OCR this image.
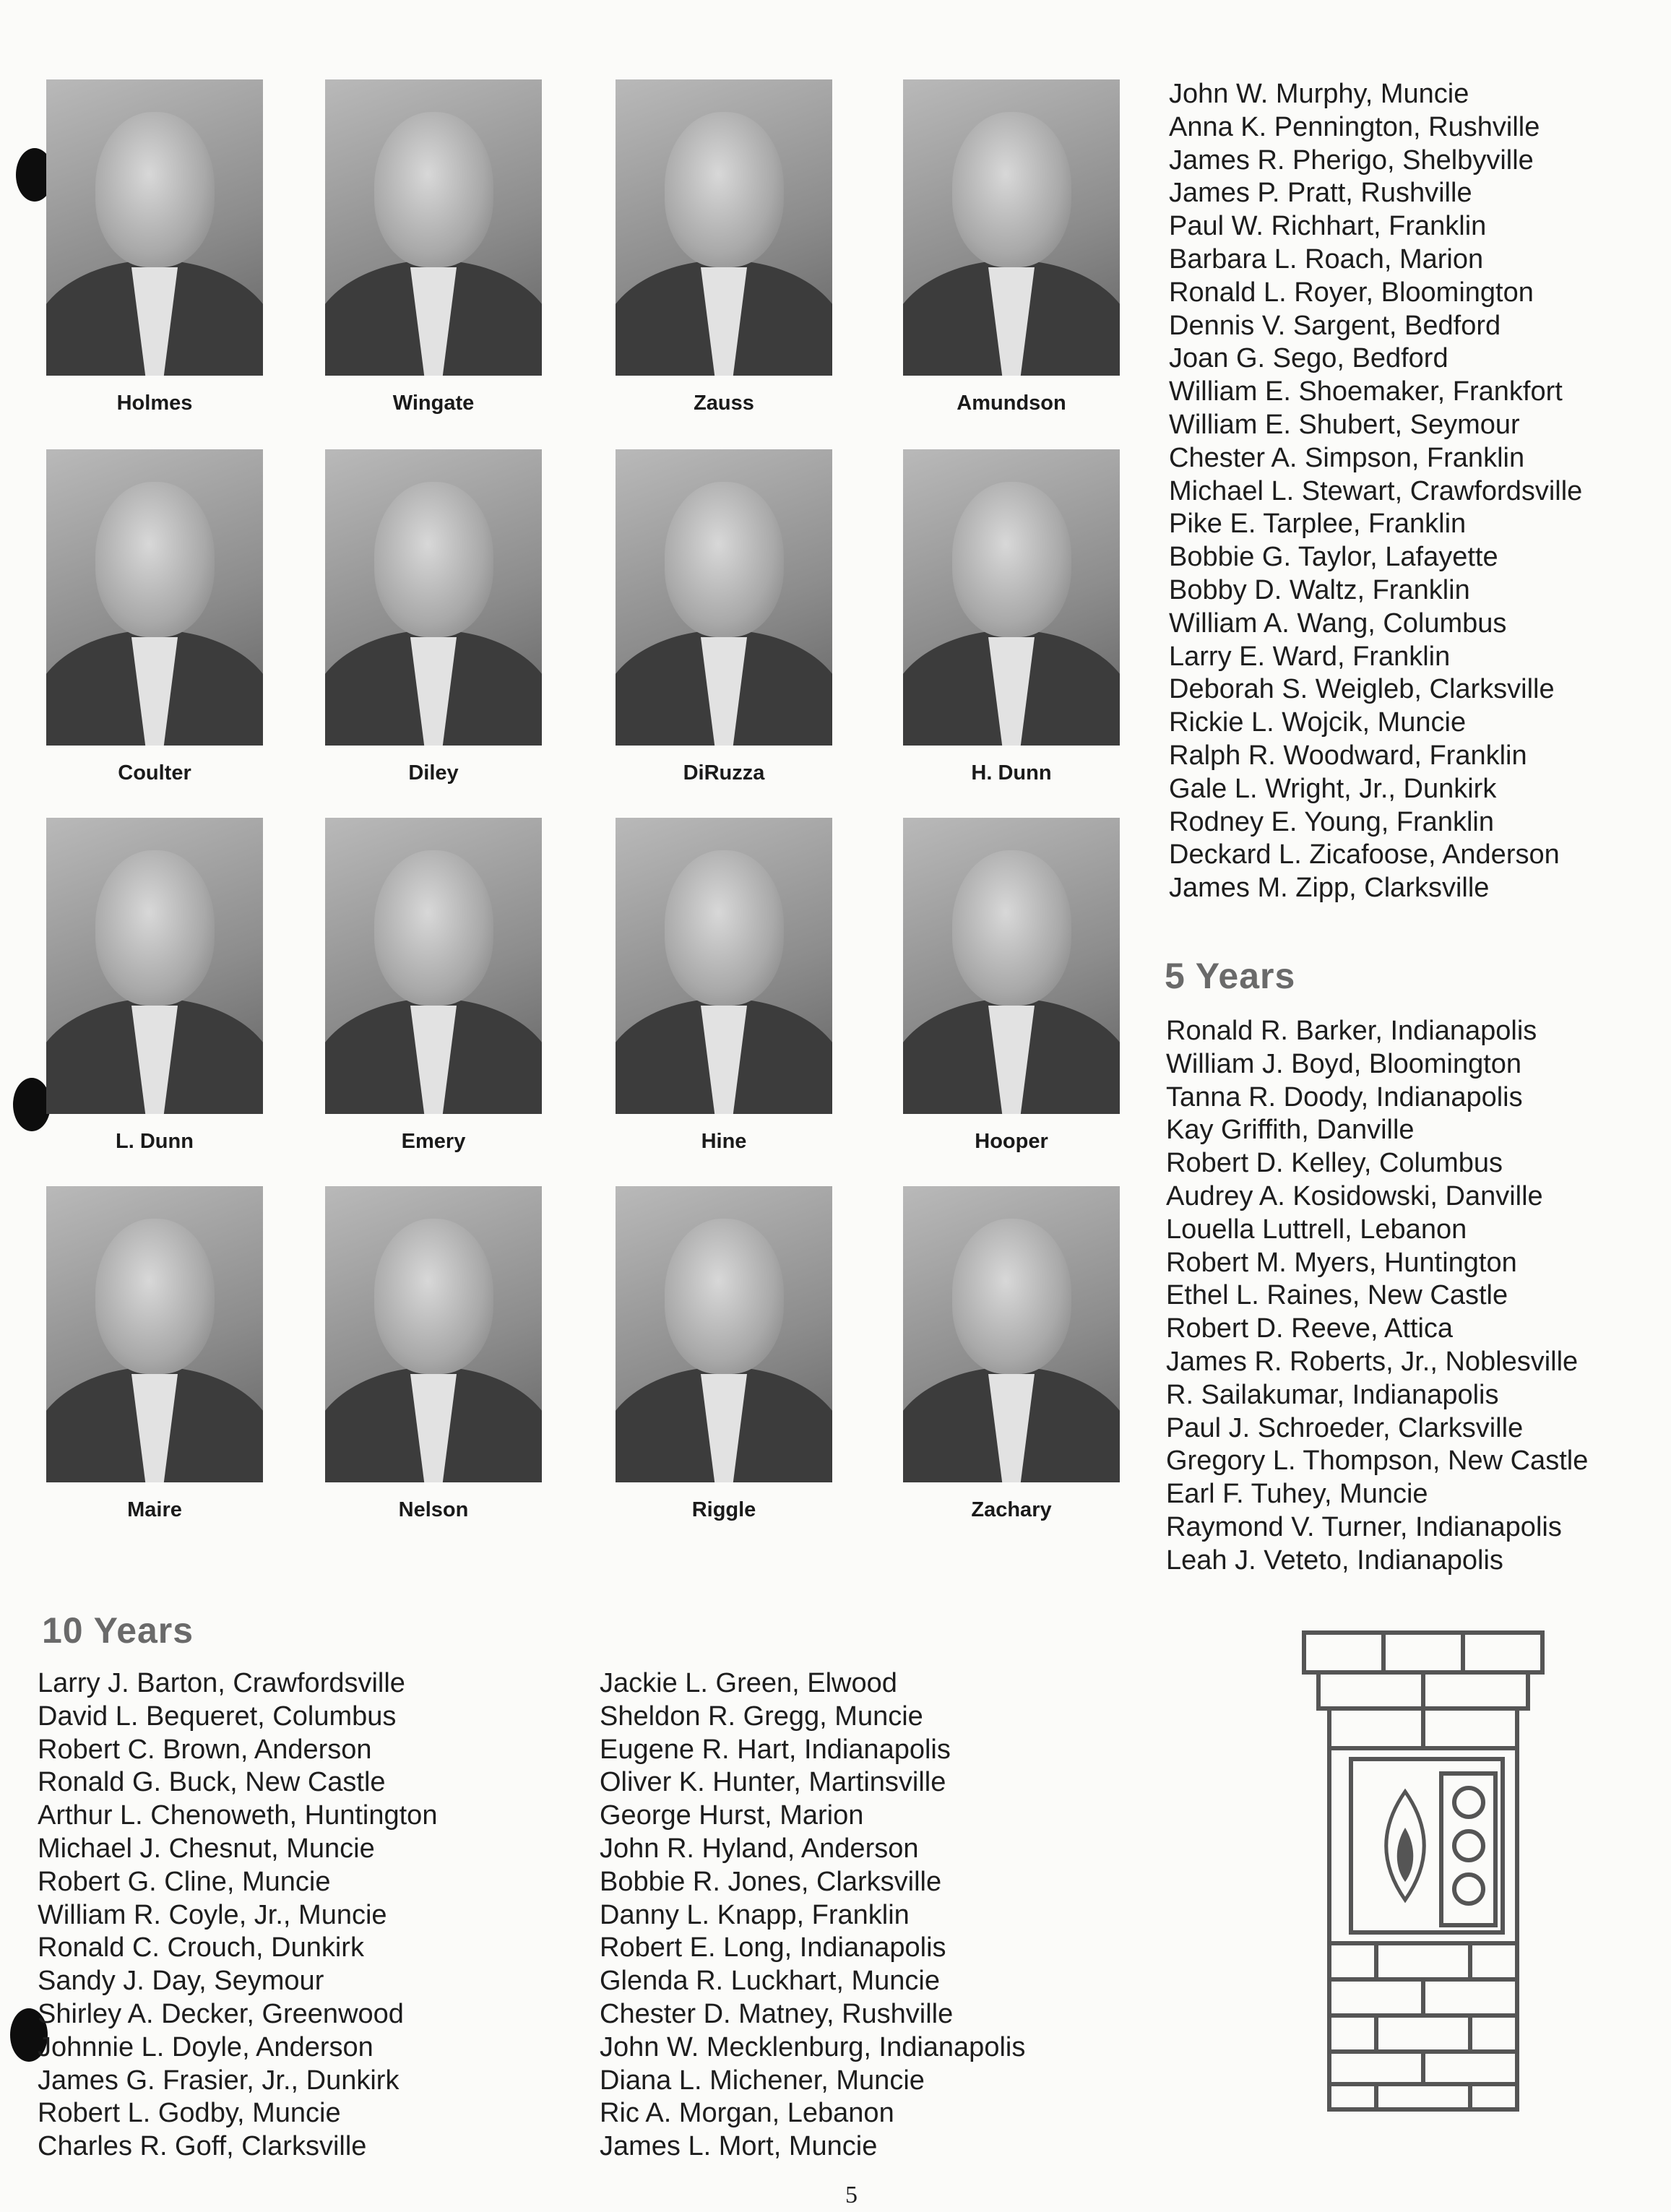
Holmes	Wingate	Zauss	Amundson
Coulter	Diley	DiRuzza	H. Dunn
L. Dunn	Emery	Hine	Hooper
Maire	Nelson	Riggle	Zachary
John W. Murphy, Muncie
Anna K. Pennington, Rushville
James R. Pherigo, Shelbyville
James P. Pratt, Rushville
Paul W. Richhart, Franklin
Barbara L. Roach, Marion
Ronald L. Royer, Bloomington
Dennis V. Sargent, Bedford
Joan G. Sego, Bedford
William E. Shoemaker, Frankfort
William E. Shubert, Seymour
Chester A. Simpson, Franklin
Michael L. Stewart, Crawfordsville
Pike E. Tarplee, Franklin
Bobbie G. Taylor, Lafayette
Bobby D. Waltz, Franklin
William A. Wang, Columbus
Larry E. Ward, Franklin
Deborah S. Weigleb, Clarksville
Rickie L. Wojcik, Muncie
Ralph R. Woodward, Franklin
Gale L. Wright, Jr., Dunkirk
Rodney E. Young, Franklin
Deckard L. Zicafoose, Anderson
James M. Zipp, Clarksville
5 Years
Ronald R. Barker, Indianapolis
William J. Boyd, Bloomington
Tanna R. Doody, Indianapolis
Kay Griffith, Danville
Robert D. Kelley, Columbus
Audrey A. Kosidowski, Danville
Louella Luttrell, Lebanon
Robert M. Myers, Huntington
Ethel L. Raines, New Castle
Robert D. Reeve, Attica
James R. Roberts, Jr., Noblesville
R. Sailakumar, Indianapolis
Paul J. Schroeder, Clarksville
Gregory L. Thompson, New Castle
Earl F. Tuhey, Muncie
Raymond V. Turner, Indianapolis
Leah J. Veteto, Indianapolis
10 Years
Larry J. Barton, Crawfordsville
David L. Bequeret, Columbus
Robert C. Brown, Anderson
Ronald G. Buck, New Castle
Arthur L. Chenoweth, Huntington
Michael J. Chesnut, Muncie
Robert G. Cline, Muncie
William R. Coyle, Jr., Muncie
Ronald C. Crouch, Dunkirk
Sandy J. Day, Seymour
Shirley A. Decker, Greenwood
Johnnie L. Doyle, Anderson
James G. Frasier, Jr., Dunkirk
Robert L. Godby, Muncie
Charles R. Goff, Clarksville
Jackie L. Green, Elwood
Sheldon R. Gregg, Muncie
Eugene R. Hart, Indianapolis
Oliver K. Hunter, Martinsville
George Hurst, Marion
John R. Hyland, Anderson
Bobbie R. Jones, Clarksville
Danny L. Knapp, Franklin
Robert E. Long, Indianapolis
Glenda R. Luckhart, Muncie
Chester D. Matney, Rushville
John W. Mecklenburg, Indianapolis
Diana L. Michener, Muncie
Ric A. Morgan, Lebanon
James L. Mort, Muncie
5
